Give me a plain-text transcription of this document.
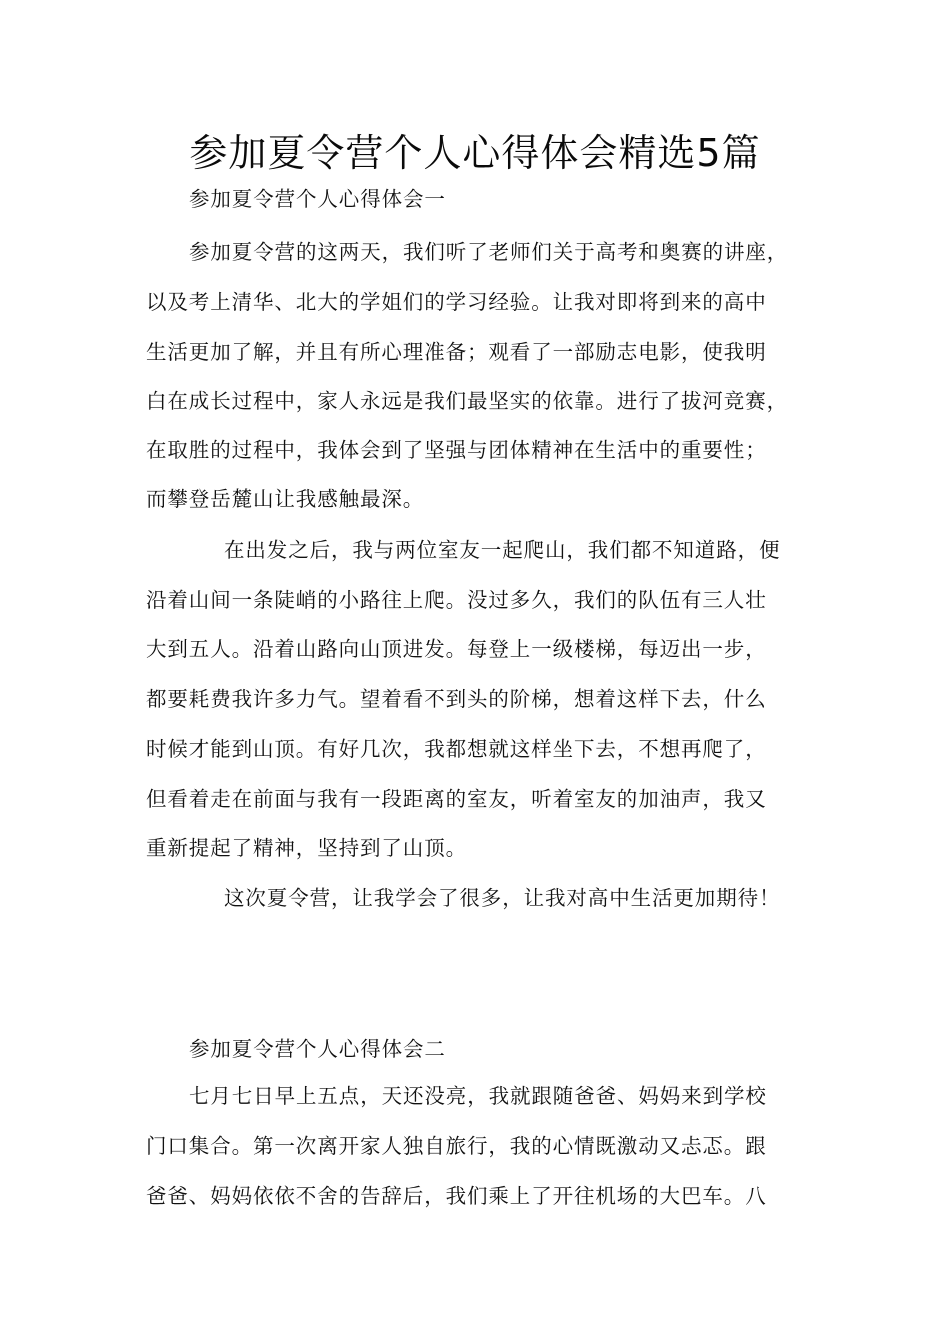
参加夏令营个人心得体会精选5篇
参加夏令营个人心得体会一
参加夏令营的这两天，我们听了老师们关于高考和奥赛的讲座，
以及考上清华、北大的学姐们的学习经验。让我对即将到来的高中
生活更加了解，并且有所心理准备；观看了一部励志电影，使我明
白在成长过程中，家人永远是我们最坚实的依靠。进行了拔河竞赛，
在取胜的过程中，我体会到了坚强与团体精神在生活中的重要性；
而攀登岳麓山让我感触最深。
在出发之后，我与两位室友一起爬山，我们都不知道路，便
沿着山间一条陡峭的小路往上爬。没过多久，我们的队伍有三人壮
大到五人。沿着山路向山顶进发。每登上一级楼梯，每迈出一步，
都要耗费我许多力气。望着看不到头的阶梯，想着这样下去，什么
时候才能到山顶。有好几次，我都想就这样坐下去，不想再爬了，
但看着走在前面与我有一段距离的室友，听着室友的加油声，我又
重新提起了精神，坚持到了山顶。
这次夏令营，让我学会了很多，让我对高中生活更加期待！
参加夏令营个人心得体会二
七月七日早上五点，天还没亮，我就跟随爸爸、妈妈来到学校
门口集合。第一次离开家人独自旅行，我的心情既激动又忐忑。跟
爸爸、妈妈依依不舍的告辞后，我们乘上了开往机场的大巴车。八
